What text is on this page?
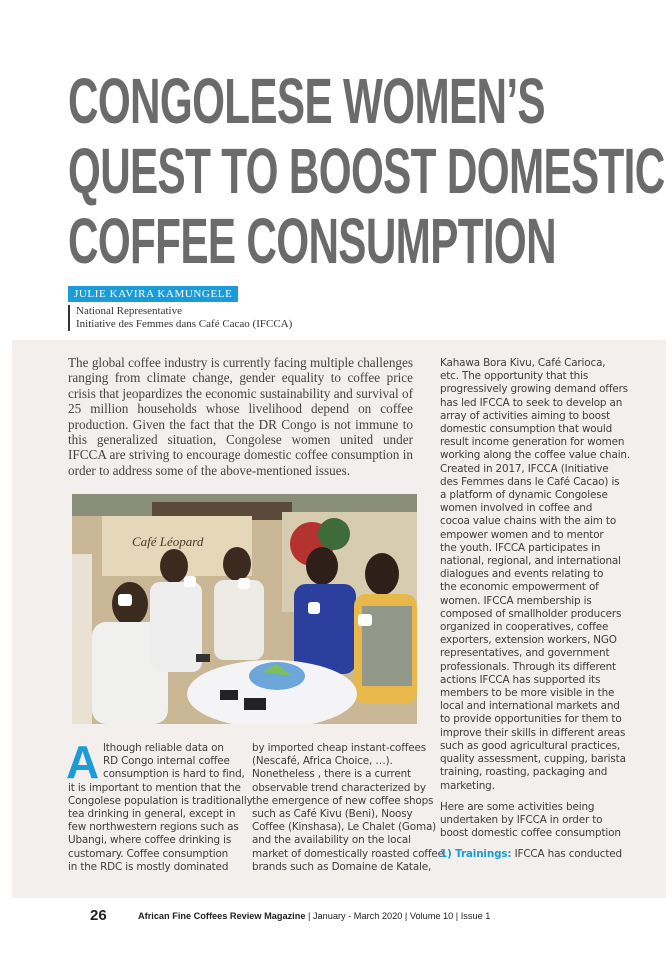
CONGOLESE WOMEN’S
QUEST TO BOOST DOMESTIC
COFFEE CONSUMPTION
JULIE KAVIRA KAMUNGELE
National Representative
Initiative des Femmes dans Café Cacao (IFCCA)

The global coffee industry is currently facing multiple challenges ranging from climate change, gender equality to coffee price crisis that jeopardizes the economic sustainability and survival of 25 million households whose livelihood depend on coffee production. Given the fact that the DR Congo is not immune to this generalized situation, Congolese women united under IFCCA are striving to encourage domestic coffee consumption in order to address some of the above-mentioned issues.

Café Léopard
A lthough reliable data on
RD Congo internal coffee
consumption is hard to find,
it is important to mention that the
Congolese population is traditionally
tea drinking in general, except in
few northwestern regions such as
Ubangi, where coffee drinking is
customary. Coffee consumption
in the RDC is mostly dominated
by imported cheap instant-coffees
(Nescafé, Africa Choice, …).
Nonetheless , there is a current
observable trend characterized by
the emergence of new coffee shops
such as Café Kivu (Beni), Noosy
Coffee (Kinshasa), Le Chalet (Goma)
and the availability on the local
market of domestically roasted coffee
brands such as Domaine de Katale,
Kahawa Bora Kivu, Café Carioca,
etc. The opportunity that this
progressively growing demand offers
has led IFCCA to seek to develop an
array of activities aiming to boost
domestic consumption that would
result income generation for women
working along the coffee value chain.
Created in 2017, IFCCA (Initiative
des Femmes dans le Café Cacao) is
a platform of dynamic Congolese
women involved in coffee and
cocoa value chains with the aim to
empower women and to mentor
the youth. IFCCA participates in
national, regional, and international
dialogues and events relating to
the economic empowerment of
women. IFCCA membership is
composed of smallholder producers
organized in cooperatives, coffee
exporters, extension workers, NGO
representatives, and government
professionals. Through its different
actions IFCCA has supported its
members to be more visible in the
local and international markets and
to provide opportunities for them to
improve their skills in different areas
such as good agricultural practices,
quality assessment, cupping, barista
training, roasting, packaging and
marketing.
Here are some activities being
undertaken by IFCCA in order to
boost domestic coffee consumption
1) Trainings: IFCCA has conducted
26	African Fine Coffees Review Magazine | January - March 2020 | Volume 10 | Issue 1
